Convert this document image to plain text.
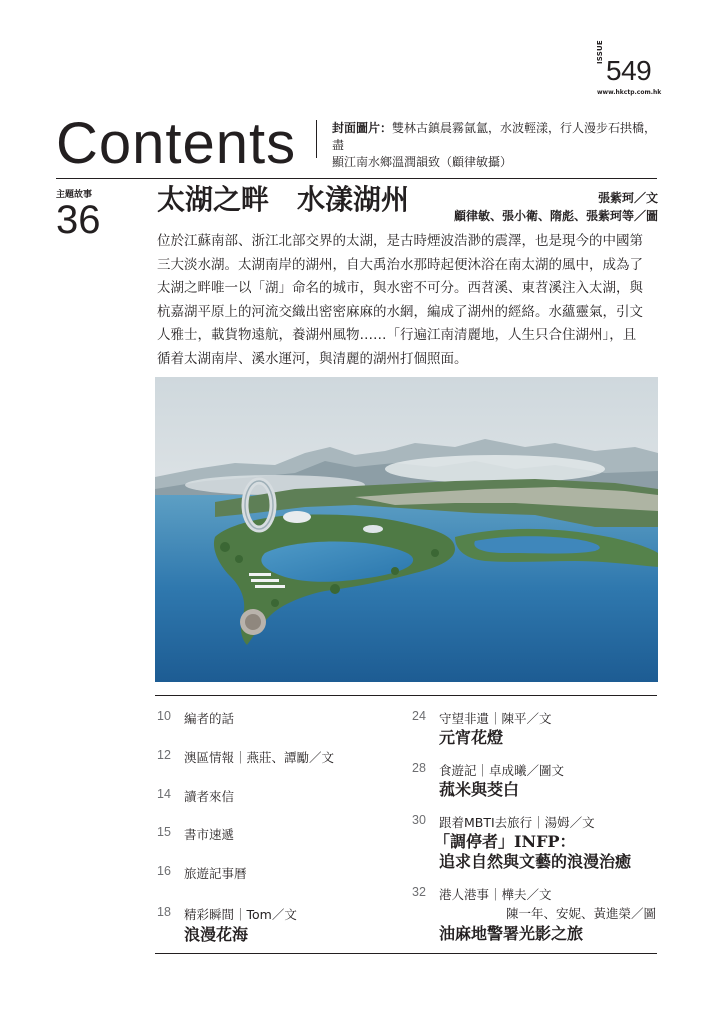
ISSUE
549
www.hkctp.com.hk
Contents	封面圖片：雙林古鎮晨霧氤氳，水波輕漾，行人漫步石拱橋，盡
顯江南水鄉溫潤韻致（顧律敏攝）
主題故事
36 太湖之畔　水漾湖州	張紫珂／文
顧律敏、張小衛、隋彪、張紫珂等／圖
位於江蘇南部、浙江北部交界的太湖，是古時煙波浩渺的震澤，也是現今的中國第
三大淡水湖。太湖南岸的湖州，自大禹治水那時起便沐浴在南太湖的風中，成為了
太湖之畔唯一以「湖」命名的城市，與水密不可分。西苕溪、東苕溪注入太湖，與
杭嘉湖平原上的河流交織出密密麻麻的水網，編成了湖州的經絡。水蘊靈氣，引文
人雅士，載貨物遠航，養湖州風物……「行遍江南清麗地，人生只合住湖州」，且
循着太湖南岸、溪水運河，與清麗的湖州打個照面。
10 編者的話
12 澳區情報｜燕莊、譚勵／文
14 讀者來信
15 書市速遞
16 旅遊記事曆
18 精彩瞬間｜Tom／文
浪漫花海
24 守望非遺｜陳平／文
元宵花燈
28 食遊記｜卓成曦／圖文
菰米與茭白
30 跟着MBTI去旅行｜湯姆／文
「調停者」INFP：
追求自然與文藝的浪漫治癒
32 港人港事｜樺夫／文
陳一年、安妮、黃進榮／圖
油麻地警署光影之旅
